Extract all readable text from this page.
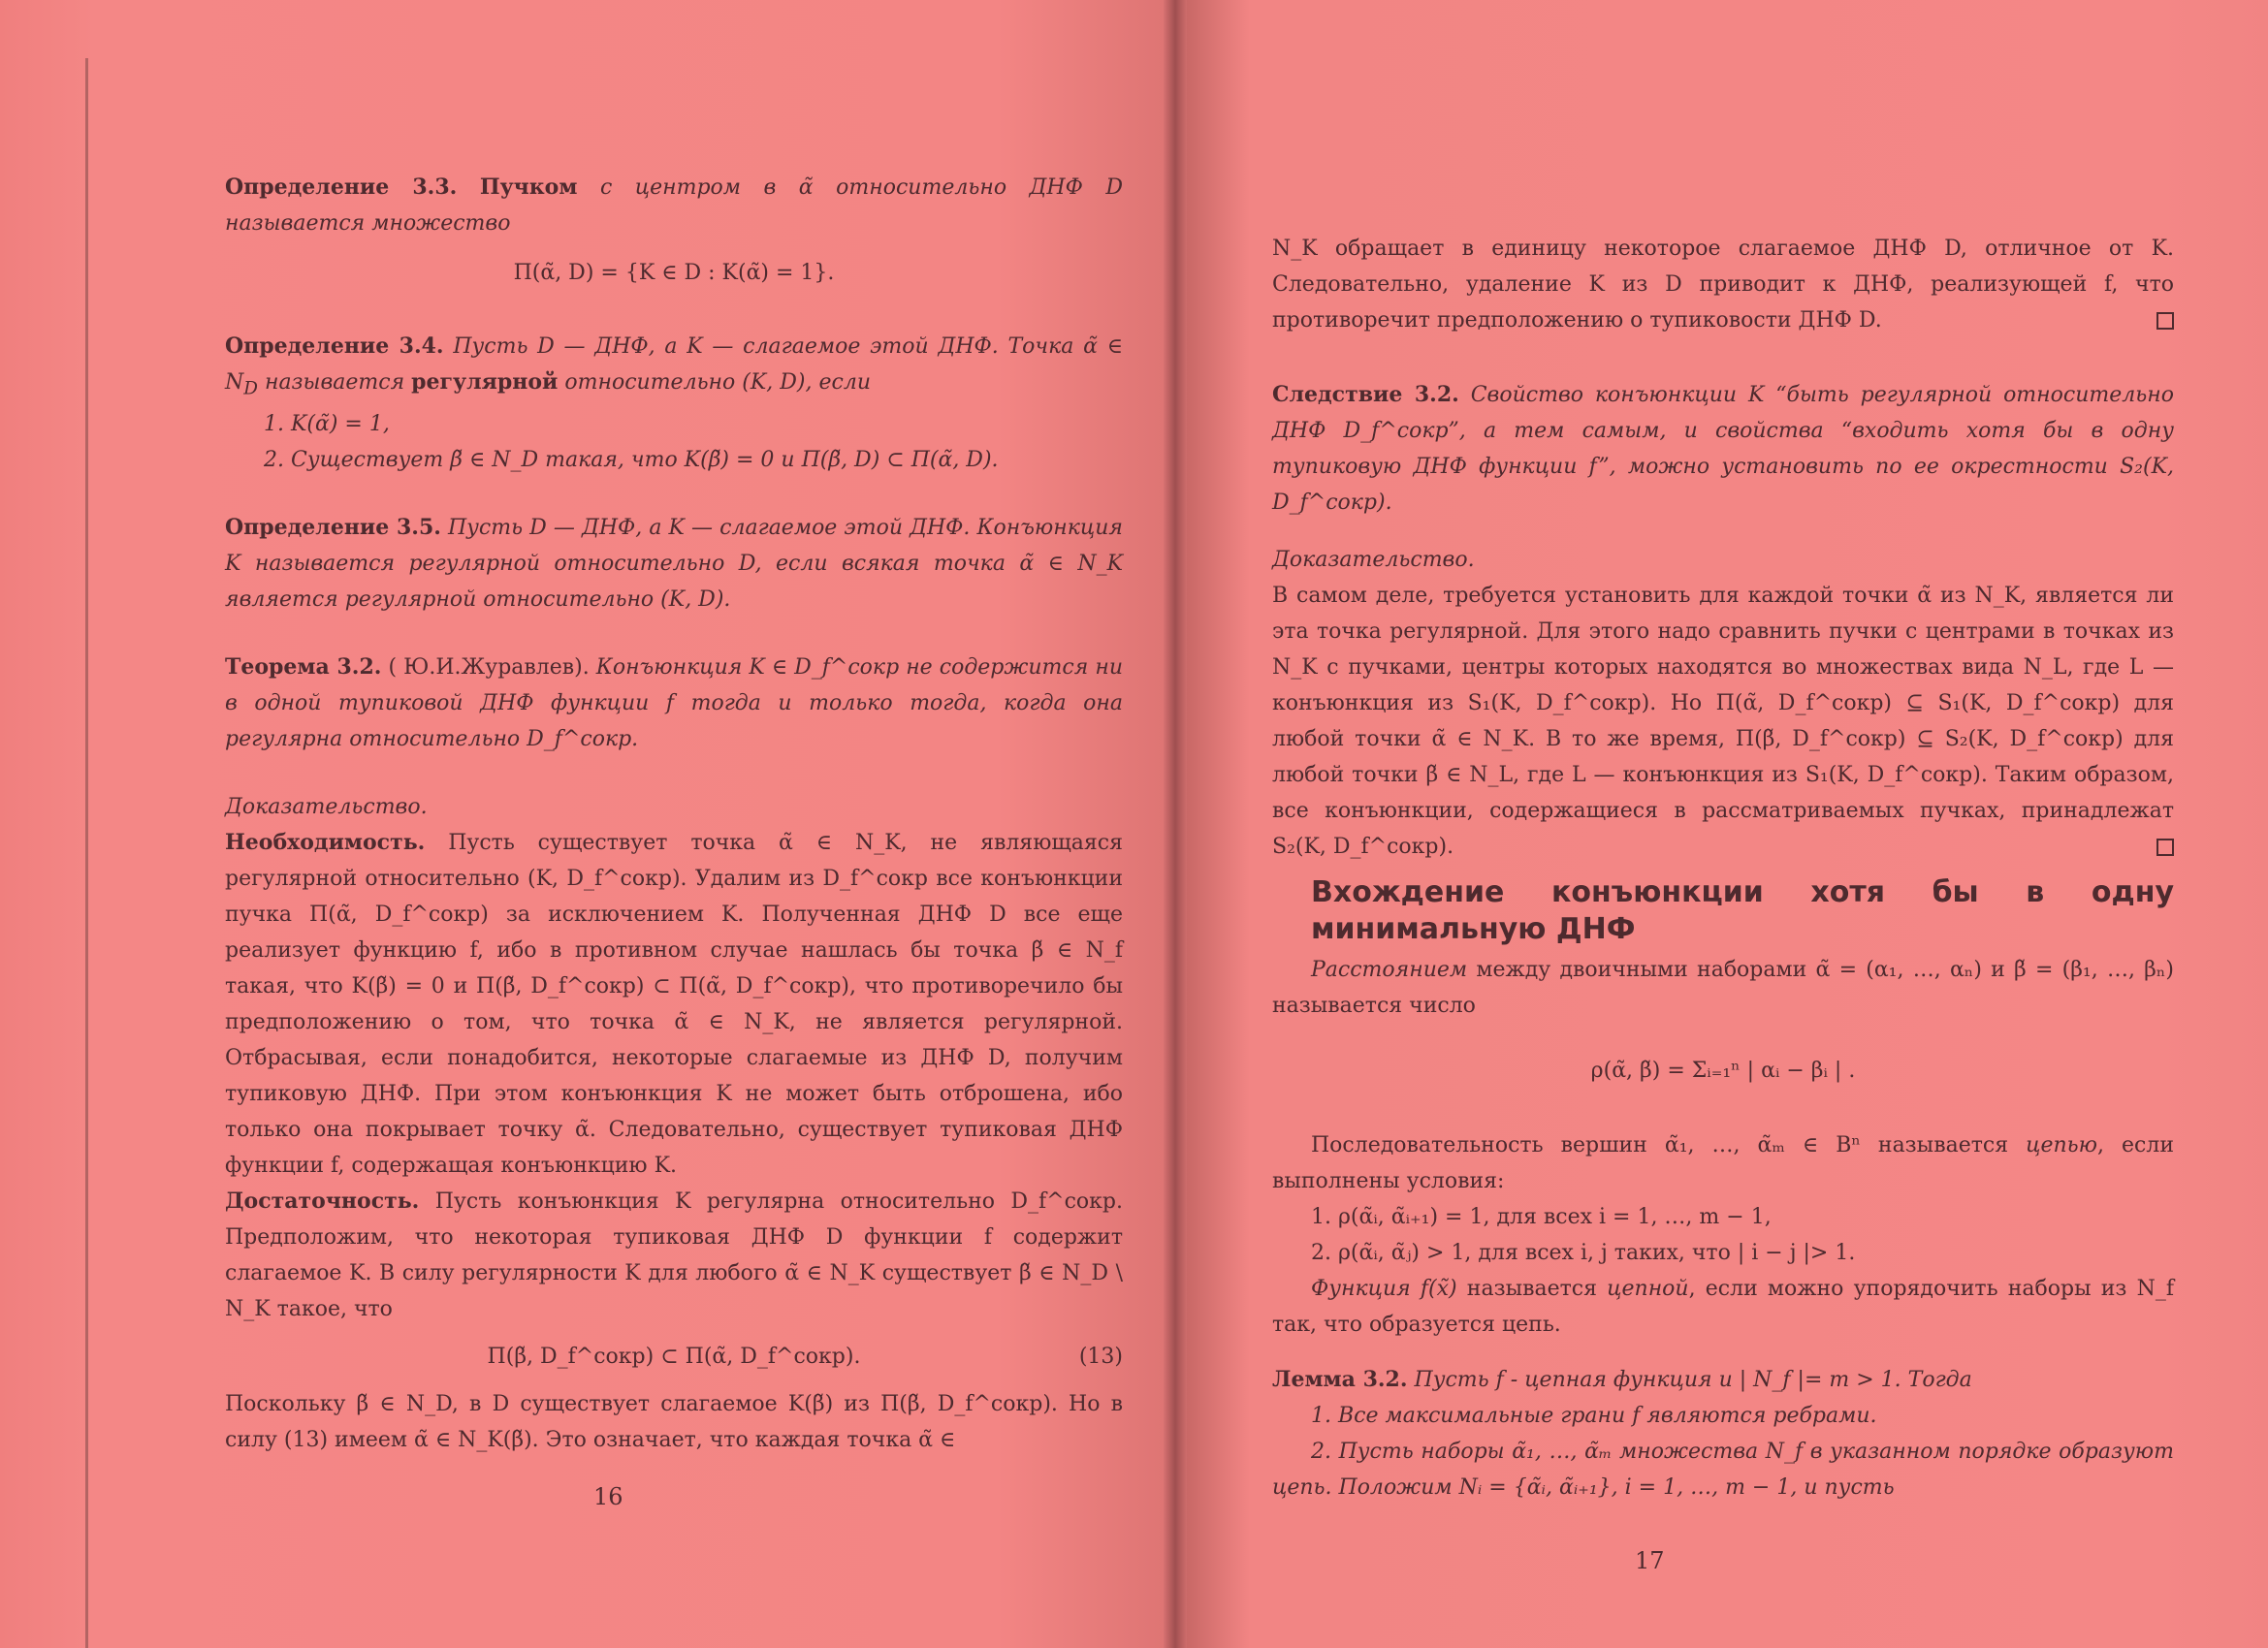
Определение 3.3. Пучком с центром в α̃ относительно ДНФ D называется множество

Π(α̃, D) = {K ∈ D : K(α̃) = 1}.

Определение 3.4. Пусть D — ДНФ, а K — слагаемое этой ДНФ. Точка α̃ ∈ $N_D$ называется регулярной относительно (K, D), если

1. K(α̃) = 1,

2. Существует β̃ ∈ N_D такая, что K(β̃) = 0 и Π(β̃, D) ⊂ Π(α̃, D).

Определение 3.5. Пусть D — ДНФ, а K — слагаемое этой ДНФ. Конъюнкция K называется регулярной относительно D, если всякая точка α̃ ∈ N_K является регулярной относительно (K, D).

Теорема 3.2. ( Ю.И.Журавлев). Конъюнкция K ∈ D_f^сокр не содержится ни в одной тупиковой ДНФ функции f тогда и только тогда, когда она регулярна относительно D_f^сокр.

Доказательство.

Необходимость. Пусть существует точка α̃ ∈ N_K, не являющаяся регулярной относительно (K, D_f^сокр). Удалим из D_f^сокр все конъюнкции пучка Π(α̃, D_f^сокр) за исключением K. Полученная ДНФ D все еще реализует функцию f, ибо в противном случае нашлась бы точка β̃ ∈ N_f такая, что K(β̃) = 0 и Π(β̃, D_f^сокр) ⊂ Π(α̃, D_f^сокр), что противоречило бы предположению о том, что точка α̃ ∈ N_K, не является регулярной. Отбрасывая, если понадобится, некоторые слагаемые из ДНФ D, получим тупиковую ДНФ. При этом конъюнкция K не может быть отброшена, ибо только она покрывает точку α̃. Следовательно, существует тупиковая ДНФ функции f, содержащая конъюнкцию K.

Достаточность. Пусть конъюнкция K регулярна относительно D_f^сокр. Предположим, что некоторая тупиковая ДНФ D функции f содержит слагаемое K. В силу регулярности K для любого α̃ ∈ N_K существует β̃ ∈ N_D \ N_K такое, что

Π(β̃, D_f^сокр) ⊂ Π(α̃, D_f^сокр).	(13)

Поскольку β̃ ∈ N_D, в D существует слагаемое K(β̃) из Π(β̃, D_f^сокр). Но в силу (13) имеем α̃ ∈ N_K(β̃). Это означает, что каждая точка α̃ ∈

16

N_K обращает в единицу некоторое слагаемое ДНФ D, отличное от K. Следовательно, удаление K из D приводит к ДНФ, реализующей f, что противоречит предположению о тупиковости ДНФ D.

Следствие 3.2. Свойство конъюнкции K “быть регулярной относительно ДНФ D_f^сокр”, а тем самым, и свойства “входить хотя бы в одну тупиковую ДНФ функции f”, можно установить по ее окрестности S₂(K, D_f^сокр).

Доказательство.

В самом деле, требуется установить для каждой точки α̃ из N_K, является ли эта точка регулярной. Для этого надо сравнить пучки с центрами в точках из N_K с пучками, центры которых находятся во множествах вида N_L, где L — конъюнкция из S₁(K, D_f^сокр). Но Π(α̃, D_f^сокр) ⊆ S₁(K, D_f^сокр) для любой точки α̃ ∈ N_K. В то же время, Π(β̃, D_f^сокр) ⊆ S₂(K, D_f^сокр) для любой точки β̃ ∈ N_L, где L — конъюнкция из S₁(K, D_f^сокр). Таким образом, все конъюнкции, содержащиеся в рассматриваемых пучках, принадлежат S₂(K, D_f^сокр).

Вхождение конъюнкции хотя бы в одну минимальную ДНФ

Расстоянием между двоичными наборами α̃ = (α₁, …, αₙ) и β̃ = (β₁, …, βₙ) называется число

ρ(α̃, β̃) = Σᵢ₌₁ⁿ | αᵢ − βᵢ | .

Последовательность вершин α̃₁, …, α̃ₘ ∈ Bⁿ называется цепью, если выполнены условия:

1. ρ(α̃ᵢ, α̃ᵢ₊₁) = 1, для всех i = 1, …, m − 1,

2. ρ(α̃ᵢ, α̃ⱼ) > 1, для всех i, j таких, что | i − j |> 1.

Функция f(x̃) называется цепной, если можно упорядочить наборы из N_f так, что образуется цепь.

Лемма 3.2. Пусть f - цепная функция и | N_f |= m > 1. Тогда

1. Все максимальные грани f являются ребрами.

2. Пусть наборы α̃₁, …, α̃ₘ множества N_f в указанном порядке образуют цепь. Положим Nᵢ = {α̃ᵢ, α̃ᵢ₊₁}, i = 1, …, m − 1, и пусть

17
